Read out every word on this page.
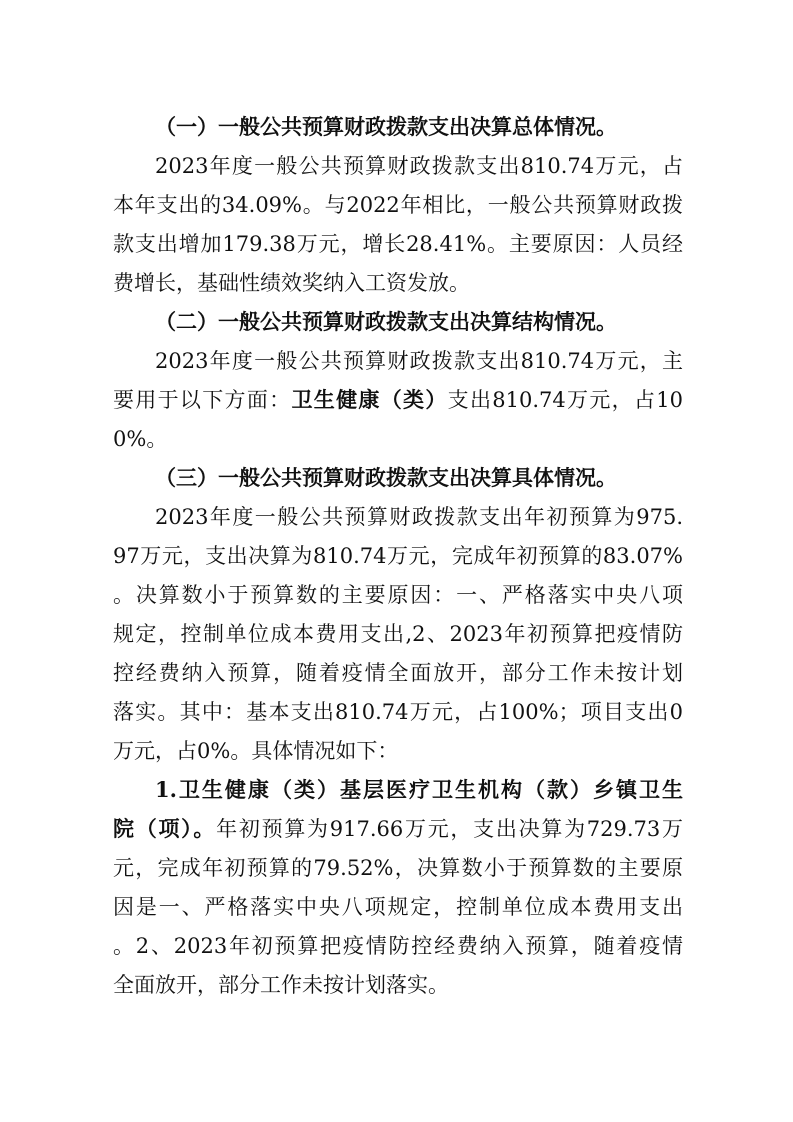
（一）一般公共预算财政拨款支出决算总体情况。
2023年度一般公共预算财政拨款支出810.74万元，占
本年支出的34.09%。与2022年相比，一般公共预算财政拨
款支出增加179.38万元，增长28.41%。主要原因：人员经
费增长，基础性绩效奖纳入工资发放。
（二）一般公共预算财政拨款支出决算结构情况。
2023年度一般公共预算财政拨款支出810.74万元，主
要用于以下方面：卫生健康（类）支出810.74万元，占10
0%。
（三）一般公共预算财政拨款支出决算具体情况。
2023年度一般公共预算财政拨款支出年初预算为975.
97万元，支出决算为810.74万元，完成年初预算的83.07%
。决算数小于预算数的主要原因：一、严格落实中央八项
规定，控制单位成本费用支出,2、2023年初预算把疫情防
控经费纳入预算，随着疫情全面放开，部分工作未按计划
落实。其中：基本支出810.74万元，占100%；项目支出0
万元，占0%。具体情况如下：
1.卫生健康（类）基层医疗卫生机构（款）乡镇卫生
院（项）。年初预算为917.66万元，支出决算为729.73万
元，完成年初预算的79.52%，决算数小于预算数的主要原
因是一、严格落实中央八项规定，控制单位成本费用支出
。2、2023年初预算把疫情防控经费纳入预算，随着疫情
全面放开，部分工作未按计划落实。
